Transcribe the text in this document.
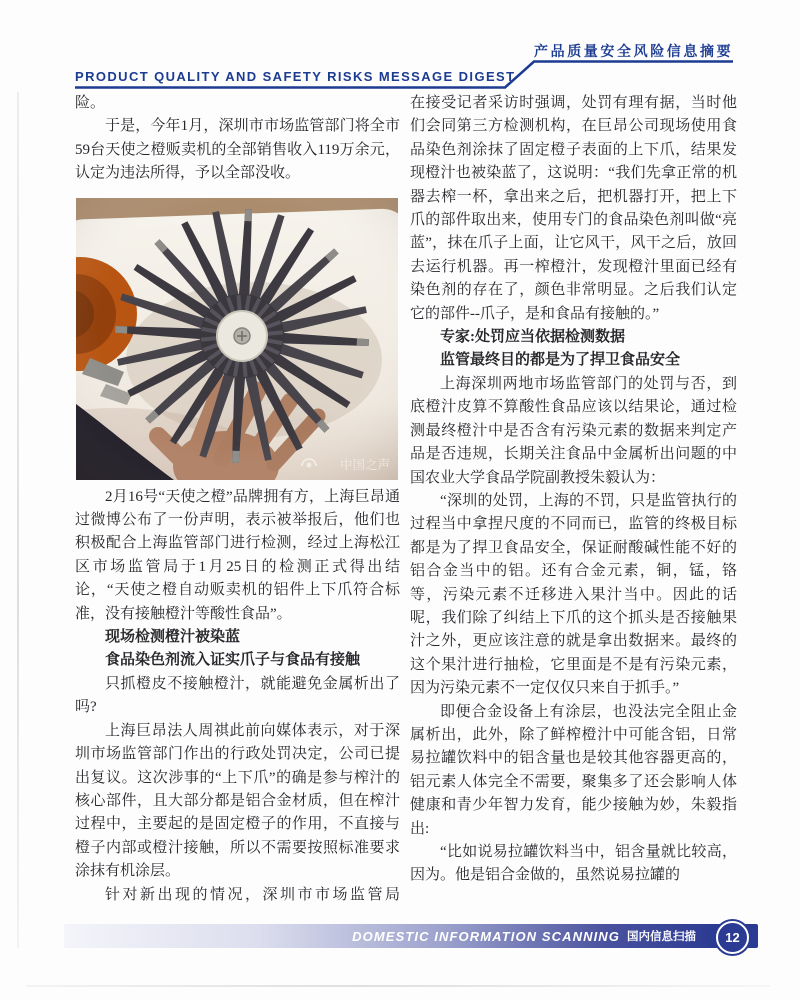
PRODUCT QUALITY AND SAFETY RISKS MESSAGE DIGEST
产品质量安全风险信息摘要

险。

于是，今年1月，深圳市市场监管部门将全市59台天使之橙贩卖机的全部销售收入119万余元，认定为违法所得，予以全部没收。

中国之声

2月16号“天使之橙”品牌拥有方，上海巨昂通过微博公布了一份声明，表示被举报后，他们也积极配合上海监管部门进行检测，经过上海松江区市场监管局于1月25日的检测正式得出结论，“天使之橙自动贩卖机的铝件上下爪符合标准，没有接触橙汁等酸性食品”。

现场检测橙汁被染蓝

食品染色剂流入证实爪子与食品有接触

只抓橙皮不接触橙汁，就能避免金属析出了吗?

上海巨昂法人周祺此前向媒体表示，对于深圳市场监管部门作出的行政处罚决定，公司已提出复议。这次涉事的“上下爪”的确是参与榨汁的核心部件，且大部分都是铝合金材质，但在榨汁过程中，主要起的是固定橙子的作用，不直接与橙子内部或橙汁接触，所以不需要按照标准要求涂抹有机涂层。

针对新出现的情况，深圳市市场监管局

在接受记者采访时强调，处罚有理有据，当时他们会同第三方检测机构，在巨昂公司现场使用食品染色剂涂抹了固定橙子表面的上下爪，结果发现橙汁也被染蓝了，这说明：“我们先拿正常的机器去榨一杯，拿出来之后，把机器打开，把上下爪的部件取出来，使用专门的食品染色剂叫做“亮蓝”，抹在爪子上面，让它风干，风干之后，放回去运行机器。再一榨橙汁，发现橙汁里面已经有染色剂的存在了，颜色非常明显。之后我们认定它的部件--爪子，是和食品有接触的。”

专家:处罚应当依据检测数据

监管最终目的都是为了捍卫食品安全

上海深圳两地市场监管部门的处罚与否，到底橙汁皮算不算酸性食品应该以结果论，通过检测最终橙汁中是否含有污染元素的数据来判定产品是否违规，长期关注食品中金属析出问题的中国农业大学食品学院副教授朱毅认为：

“深圳的处罚，上海的不罚，只是监管执行的过程当中拿捏尺度的不同而已，监管的终极目标都是为了捍卫食品安全，保证耐酸碱性能不好的铝合金当中的铝。还有合金元素，铜，锰，铬等，污染元素不迁移进入果汁当中。因此的话呢，我们除了纠结上下爪的这个抓头是否接触果汁之外，更应该注意的就是拿出数据来。最终的这个果汁进行抽检，它里面是不是有污染元素，因为污染元素不一定仅仅只来自于抓手。”

即便合金设备上有涂层，也没法完全阻止金属析出，此外，除了鲜榨橙汁中可能含铝，日常易拉罐饮料中的铝含量也是较其他容器更高的，铝元素人体完全不需要，聚集多了还会影响人体健康和青少年智力发育，能少接触为妙，朱毅指出:

“比如说易拉罐饮料当中，铝含量就比较高，因为。他是铝合金做的，虽然说易拉罐的

DOMESTIC INFORMATION SCANNING 国内信息扫描 12
